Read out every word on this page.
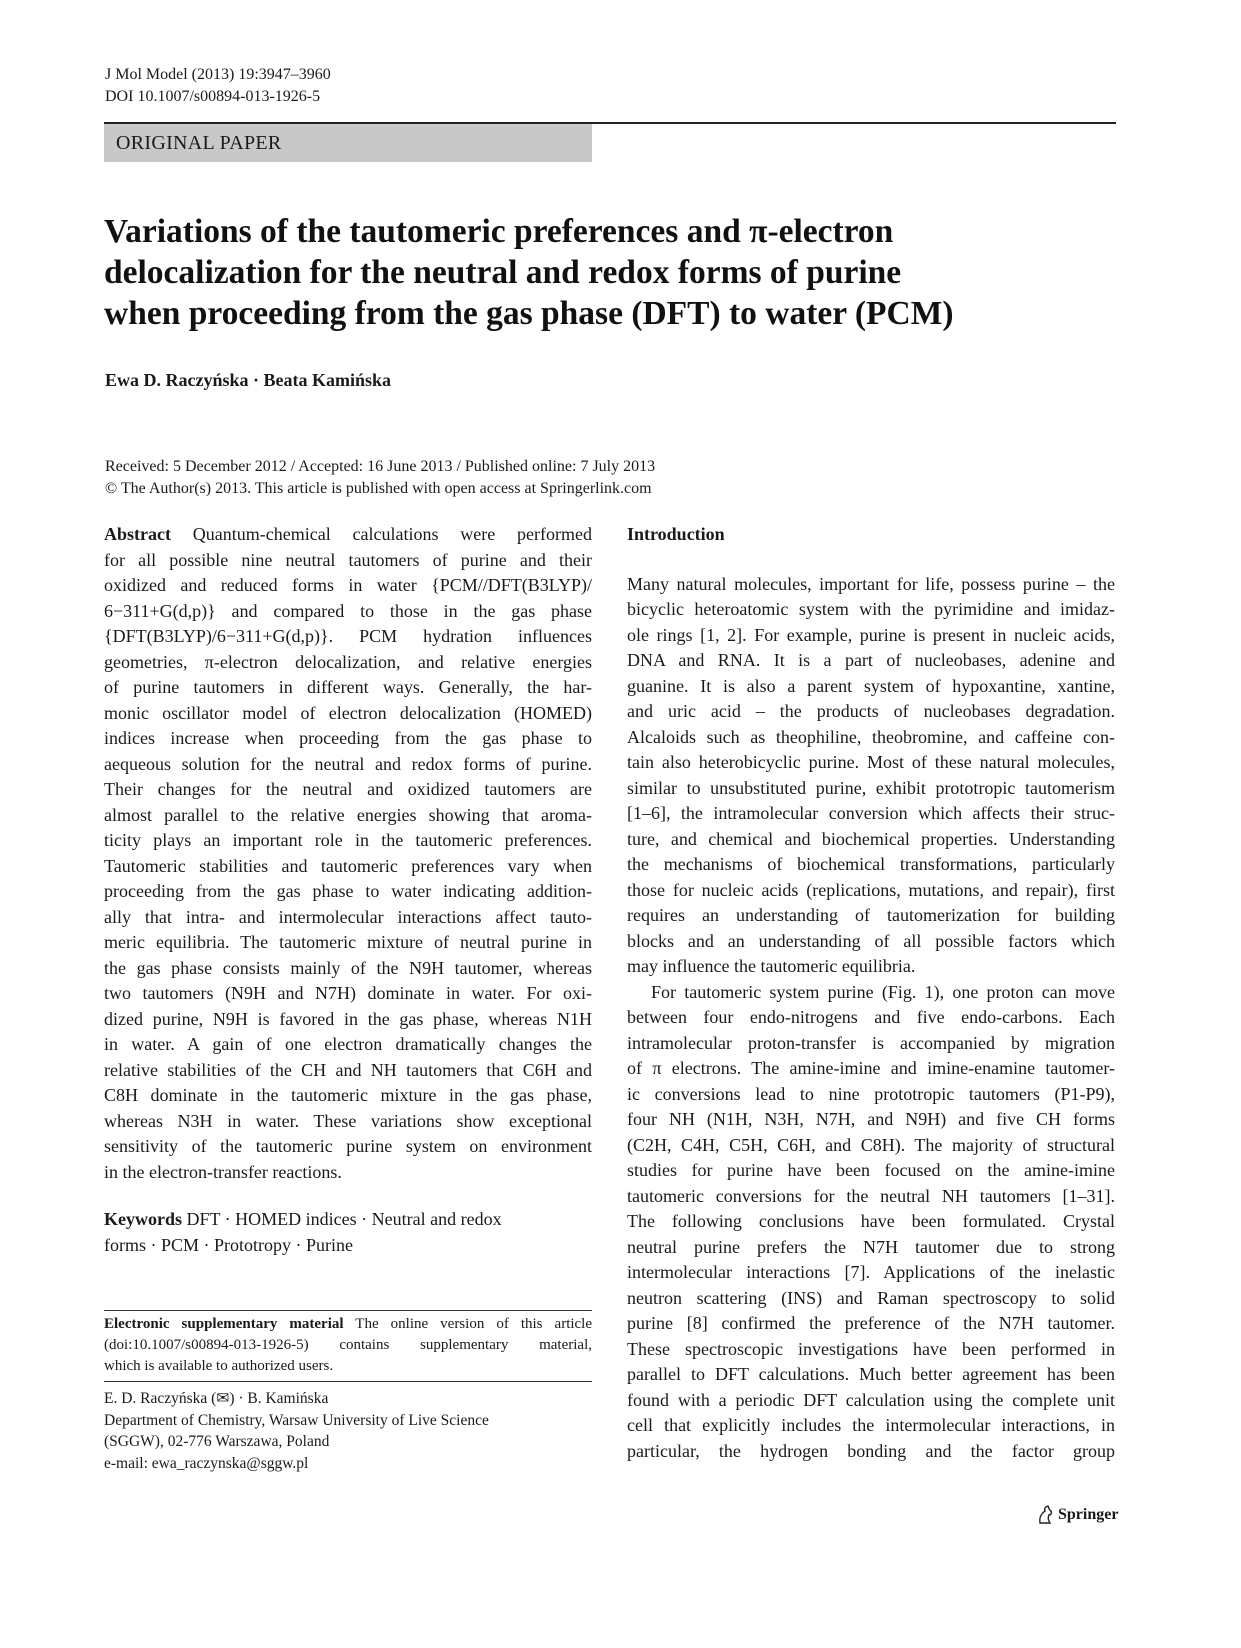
J Mol Model (2013) 19:3947–3960
DOI 10.1007/s00894-013-1926-5
ORIGINAL PAPER
Variations of the tautomeric preferences and π-electron
delocalization for the neutral and redox forms of purine
when proceeding from the gas phase (DFT) to water (PCM)
Ewa D. Raczyńska · Beata Kamińska
Received: 5 December 2012 / Accepted: 16 June 2013 / Published online: 7 July 2013
© The Author(s) 2013. This article is published with open access at Springerlink.com
Abstract Quantum-chemical calculations were performed
for all possible nine neutral tautomers of purine and their
oxidized and reduced forms in water {PCM//DFT(B3LYP)/
6−311+G(d,p)} and compared to those in the gas phase
{DFT(B3LYP)/6−311+G(d,p)}. PCM hydration influences
geometries, π-electron delocalization, and relative energies
of purine tautomers in different ways. Generally, the har-
monic oscillator model of electron delocalization (HOMED)
indices increase when proceeding from the gas phase to
aequeous solution for the neutral and redox forms of purine.
Their changes for the neutral and oxidized tautomers are
almost parallel to the relative energies showing that aroma-
ticity plays an important role in the tautomeric preferences.
Tautomeric stabilities and tautomeric preferences vary when
proceeding from the gas phase to water indicating addition-
ally that intra- and intermolecular interactions affect tauto-
meric equilibria. The tautomeric mixture of neutral purine in
the gas phase consists mainly of the N9H tautomer, whereas
two tautomers (N9H and N7H) dominate in water. For oxi-
dized purine, N9H is favored in the gas phase, whereas N1H
in water. A gain of one electron dramatically changes the
relative stabilities of the CH and NH tautomers that C6H and
C8H dominate in the tautomeric mixture in the gas phase,
whereas N3H in water. These variations show exceptional
sensitivity of the tautomeric purine system on environment
in the electron-transfer reactions.
Keywords DFT · HOMED indices · Neutral and redox
forms · PCM · Prototropy · Purine
Electronic supplementary material The online version of this article
(doi:10.1007/s00894-013-1926-5) contains supplementary material,
which is available to authorized users.
E. D. Raczyńska (✉) · B. Kamińska
Department of Chemistry, Warsaw University of Live Science
(SGGW), 02-776 Warszawa, Poland
e-mail: ewa_raczynska@sggw.pl
Introduction
Many natural molecules, important for life, possess purine – the
bicyclic heteroatomic system with the pyrimidine and imidaz-
ole rings [1, 2]. For example, purine is present in nucleic acids,
DNA and RNA. It is a part of nucleobases, adenine and
guanine. It is also a parent system of hypoxantine, xantine,
and uric acid – the products of nucleobases degradation.
Alcaloids such as theophiline, theobromine, and caffeine con-
tain also heterobicyclic purine. Most of these natural molecules,
similar to unsubstituted purine, exhibit prototropic tautomerism
[1–6], the intramolecular conversion which affects their struc-
ture, and chemical and biochemical properties. Understanding
the mechanisms of biochemical transformations, particularly
those for nucleic acids (replications, mutations, and repair), first
requires an understanding of tautomerization for building
blocks and an understanding of all possible factors which
may influence the tautomeric equilibria.
For tautomeric system purine (Fig. 1), one proton can move
between four endo-nitrogens and five endo-carbons. Each
intramolecular proton-transfer is accompanied by migration
of π electrons. The amine-imine and imine-enamine tautomer-
ic conversions lead to nine prototropic tautomers (P1-P9),
four NH (N1H, N3H, N7H, and N9H) and five CH forms
(C2H, C4H, C5H, C6H, and C8H). The majority of structural
studies for purine have been focused on the amine-imine
tautomeric conversions for the neutral NH tautomers [1–31].
The following conclusions have been formulated. Crystal
neutral purine prefers the N7H tautomer due to strong
intermolecular interactions [7]. Applications of the inelastic
neutron scattering (INS) and Raman spectroscopy to solid
purine [8] confirmed the preference of the N7H tautomer.
These spectroscopic investigations have been performed in
parallel to DFT calculations. Much better agreement has been
found with a periodic DFT calculation using the complete unit
cell that explicitly includes the intermolecular interactions, in
particular, the hydrogen bonding and the factor group
Springer
